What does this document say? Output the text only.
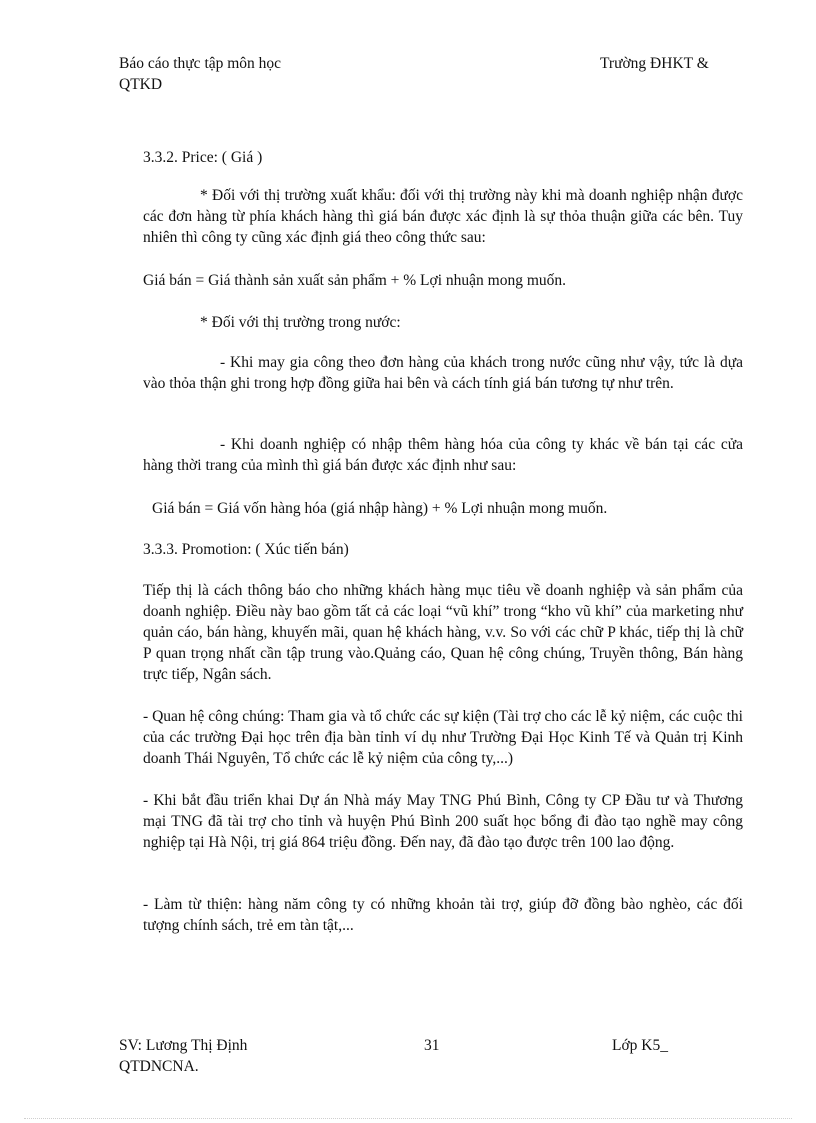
Báo cáo thực tập môn học	Trường ĐHKT &
QTKD
3.3.2. Price: ( Giá )
* Đối với thị trường xuất khẩu: đối với thị trường này khi mà doanh nghiệp nhận được các đơn hàng từ phía khách hàng thì giá bán được xác định là sự thỏa thuận giữa các bên. Tuy nhiên thì công ty cũng xác định giá theo công thức sau:
Giá bán = Giá thành sản xuất sản phẩm + % Lợi nhuận mong muốn.
* Đối với thị trường trong nước:
- Khi may gia công theo đơn hàng của khách trong nước cũng như vậy, tức là dựa vào thỏa thận ghi trong hợp đồng giữa hai bên và cách tính giá bán tương tự như trên.
- Khi doanh nghiệp có nhập thêm hàng hóa của công ty khác về bán tại các cửa hàng thời trang của mình thì giá bán được xác định như sau:
Giá bán = Giá vốn hàng hóa (giá nhập hàng) + % Lợi nhuận mong muốn.
3.3.3. Promotion: ( Xúc tiến bán)
Tiếp thị là cách thông báo cho những khách hàng mục tiêu về doanh nghiệp và sản phẩm của doanh nghiệp. Điều này bao gồm tất cả các loại “vũ khí” trong “kho vũ khí” của marketing như quản cáo, bán hàng, khuyến mãi, quan hệ khách hàng, v.v. So với các chữ P khác, tiếp thị là chữ P quan trọng nhất cần tập trung vào.Quảng cáo, Quan hệ công chúng, Truyền thông, Bán hàng trực tiếp, Ngân sách.
- Quan hệ công chúng: Tham gia và tổ chức các sự kiện (Tài trợ cho các lễ kỷ niệm, các cuộc thi của các trường Đại học trên địa bàn tỉnh ví dụ như Trường Đại Học Kinh Tế và Quản trị Kinh doanh Thái Nguyên, Tổ chức các lễ kỷ niệm của công ty,...)
- Khi bắt đầu triển khai Dự án Nhà máy May TNG Phú Bình, Công ty CP Đầu tư và Thương mại TNG đã tài trợ cho tỉnh và huyện Phú Bình 200 suất học bổng đi đào tạo nghề may công nghiệp tại Hà Nội, trị giá 864 triệu đồng. Đến nay, đã đào tạo được trên 100 lao động.
- Làm từ thiện: hàng năm công ty có những khoản tài trợ, giúp đỡ đồng bào nghèo, các đối tượng chính sách, trẻ em tàn tật,...
SV: Lương Thị Định	31	Lớp K5_
QTDNCNA.
